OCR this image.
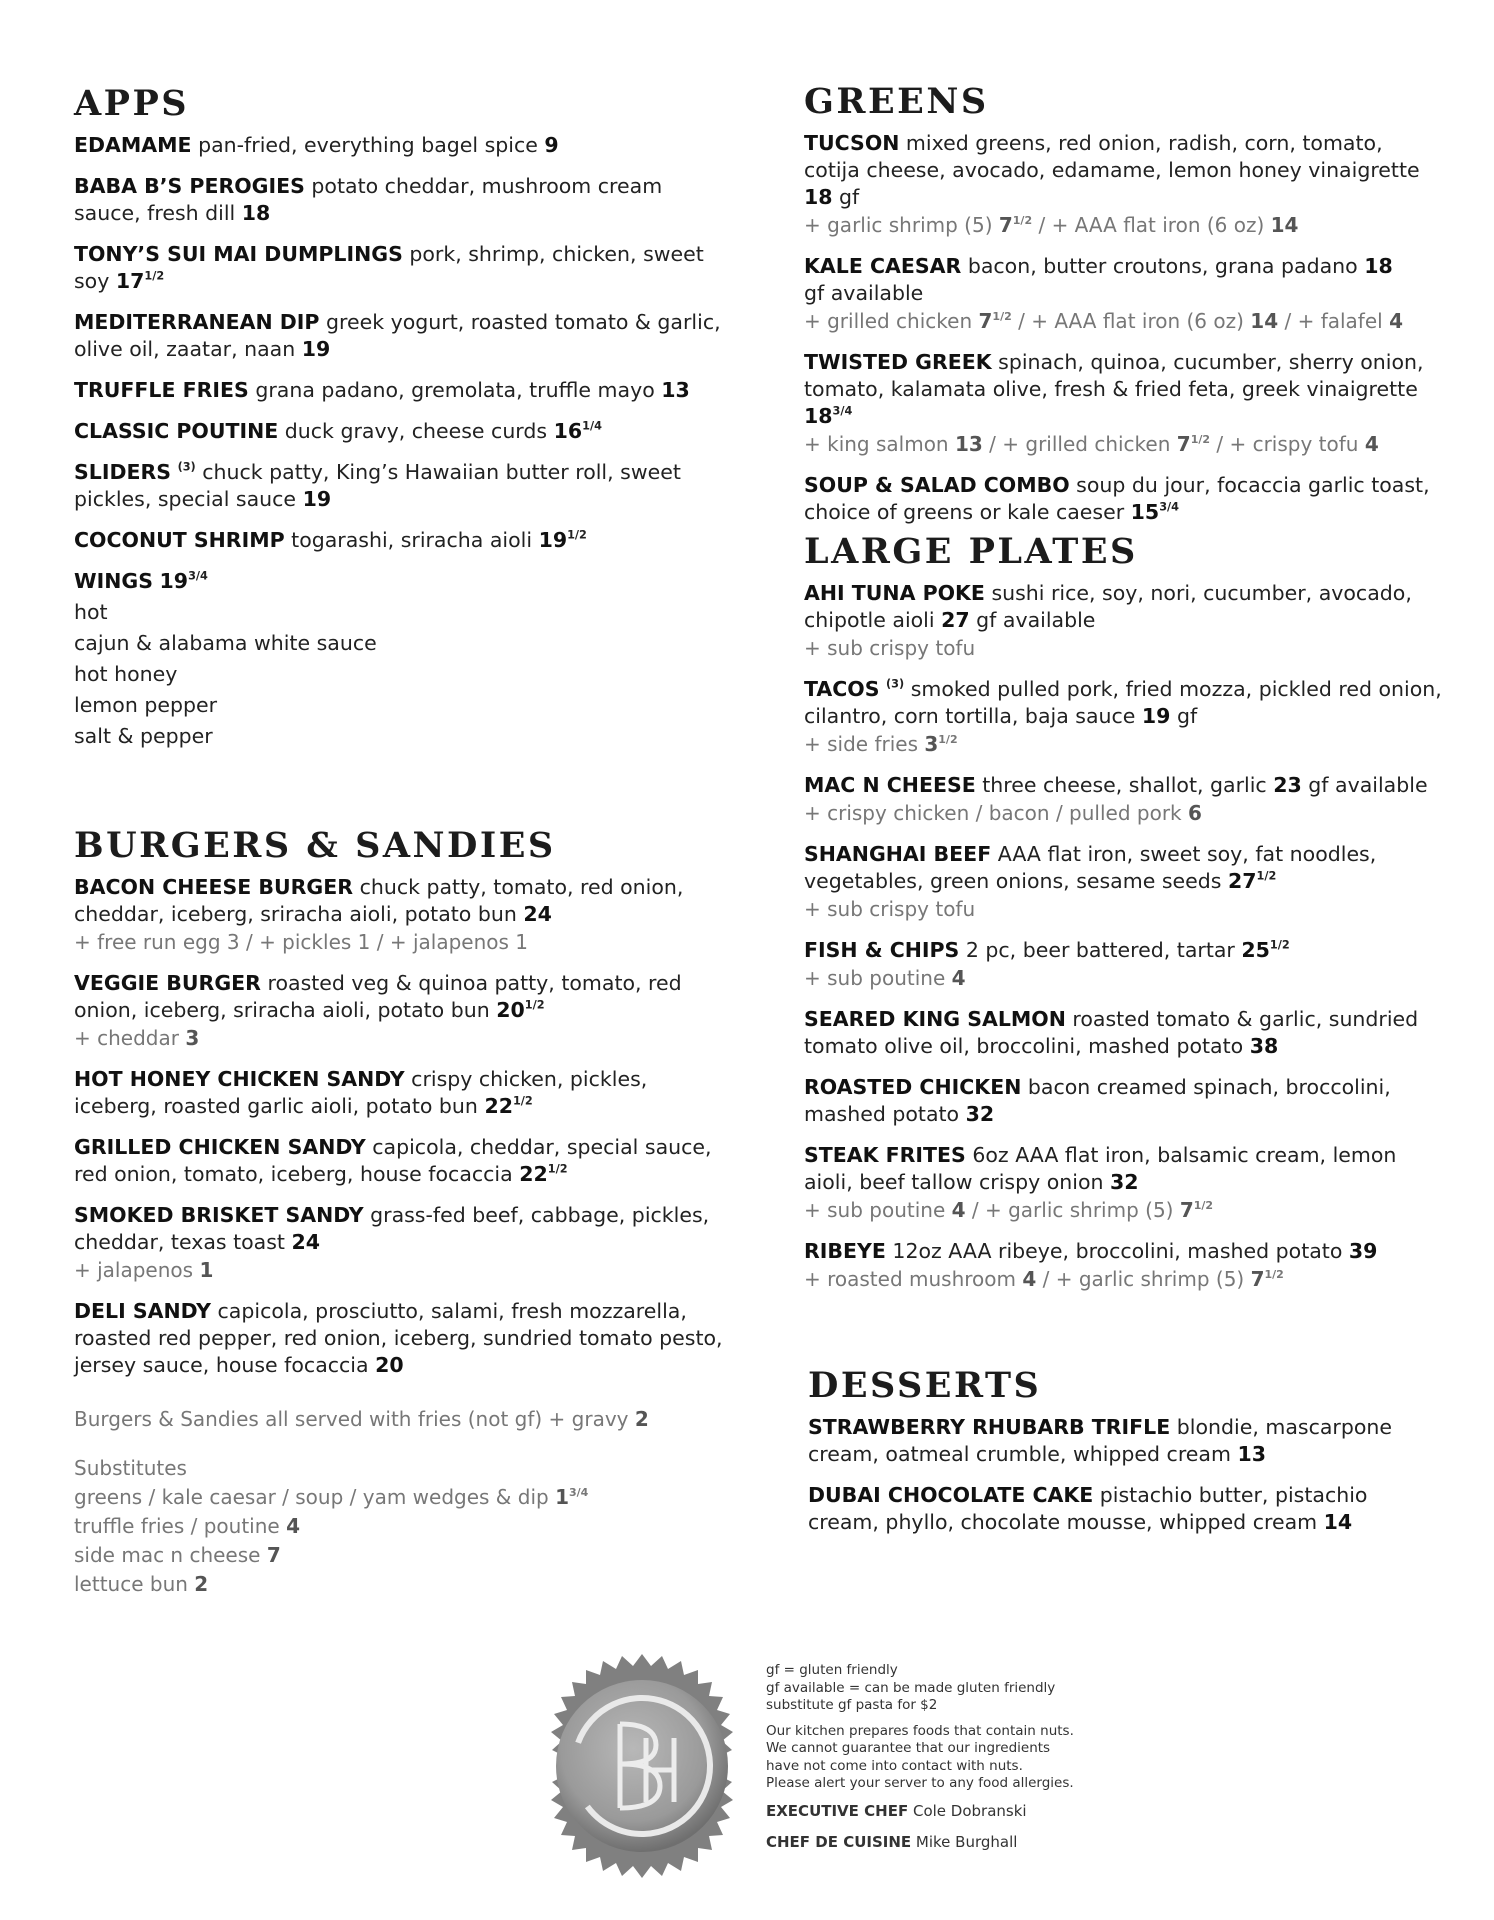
APPS
EDAMAME pan-fried, everything bagel spice 9
BABA B’S PEROGIES potato cheddar, mushroom cream sauce, fresh dill 18
TONY’S SUI MAI DUMPLINGS pork, shrimp, chicken, sweet soy $17^{1/2}$
MEDITERRANEAN DIP greek yogurt, roasted tomato & garlic, olive oil, zaatar, naan 19
TRUFFLE FRIES grana padano, gremolata, truffle mayo 13
CLASSIC POUTINE duck gravy, cheese curds $16^{1/4}$
SLIDERS $^{(3)}$ chuck patty, King’s Hawaiian butter roll, sweet pickles, special sauce 19
COCONUT SHRIMP togarashi, sriracha aioli $19^{1/2}$
WINGS $19^{3/4}$
hot
cajun & alabama white sauce
hot honey
lemon pepper
salt & pepper
BURGERS & SANDIES
BACON CHEESE BURGER chuck patty, tomato, red onion, cheddar, iceberg, sriracha aioli, potato bun 24
+ free run egg 3 / + pickles 1 / + jalapenos 1
VEGGIE BURGER roasted veg & quinoa patty, tomato, red onion, iceberg, sriracha aioli, potato bun $20^{1/2}$
+ cheddar 3
HOT HONEY CHICKEN SANDY crispy chicken, pickles, iceberg, roasted garlic aioli, potato bun $22^{1/2}$
GRILLED CHICKEN SANDY capicola, cheddar, special sauce, red onion, tomato, iceberg, house focaccia $22^{1/2}$
SMOKED BRISKET SANDY grass-fed beef, cabbage, pickles, cheddar, texas toast 24
+ jalapenos 1
DELI SANDY capicola, prosciutto, salami, fresh mozzarella, roasted red pepper, red onion, iceberg, sundried tomato pesto, jersey sauce, house focaccia 20
Burgers & Sandies all served with fries (not gf) + gravy 2
Substitutes
greens / kale caesar / soup / yam wedges & dip $1^{3/4}$
truffle fries / poutine 4
side mac n cheese 7
lettuce bun 2
GREENS
TUCSON mixed greens, red onion, radish, corn, tomato, cotija cheese, avocado, edamame, lemon honey vinaigrette 18 gf
+ garlic shrimp (5) $7^{1/2}$ / + AAA flat iron (6 oz) 14
KALE CAESAR bacon, butter croutons, grana padano 18
gf available
+ grilled chicken $7^{1/2}$ / + AAA flat iron (6 oz) 14 / + falafel 4
TWISTED GREEK spinach, quinoa, cucumber, sherry onion, tomato, kalamata olive, fresh & fried feta, greek vinaigrette $18^{3/4}$
+ king salmon 13 / + grilled chicken $7^{1/2}$ / + crispy tofu 4
SOUP & SALAD COMBO soup du jour, focaccia garlic toast, choice of greens or kale caeser $15^{3/4}$
LARGE PLATES
AHI TUNA POKE sushi rice, soy, nori, cucumber, avocado, chipotle aioli 27 gf available
+ sub crispy tofu
TACOS $^{(3)}$ smoked pulled pork, fried mozza, pickled red onion, cilantro, corn tortilla, baja sauce 19 gf
+ side fries $3^{1/2}$
MAC N CHEESE three cheese, shallot, garlic 23 gf available
+ crispy chicken / bacon / pulled pork 6
SHANGHAI BEEF AAA flat iron, sweet soy, fat noodles, vegetables, green onions, sesame seeds $27^{1/2}$
+ sub crispy tofu
FISH & CHIPS 2 pc, beer battered, tartar $25^{1/2}$
+ sub poutine 4
SEARED KING SALMON roasted tomato & garlic, sundried tomato olive oil, broccolini, mashed potato 38
ROASTED CHICKEN bacon creamed spinach, broccolini, mashed potato 32
STEAK FRITES 6oz AAA flat iron, balsamic cream, lemon aioli, beef tallow crispy onion 32
+ sub poutine 4 / + garlic shrimp (5) $7^{1/2}$
RIBEYE 12oz AAA ribeye, broccolini, mashed potato 39
+ roasted mushroom 4 / + garlic shrimp (5) $7^{1/2}$
DESSERTS
STRAWBERRY RHUBARB TRIFLE blondie, mascarpone cream, oatmeal crumble, whipped cream 13
DUBAI CHOCOLATE CAKE pistachio butter, pistachio cream, phyllo, chocolate mousse, whipped cream 14

gf = gluten friendly
gf available = can be made gluten friendly
substitute gf pasta for $2

Our kitchen prepares foods that contain nuts.
We cannot guarantee that our ingredients
have not come into contact with nuts.
Please alert your server to any food allergies.

EXECUTIVE CHEF Cole Dobranski
CHEF DE CUISINE Mike Burghall
